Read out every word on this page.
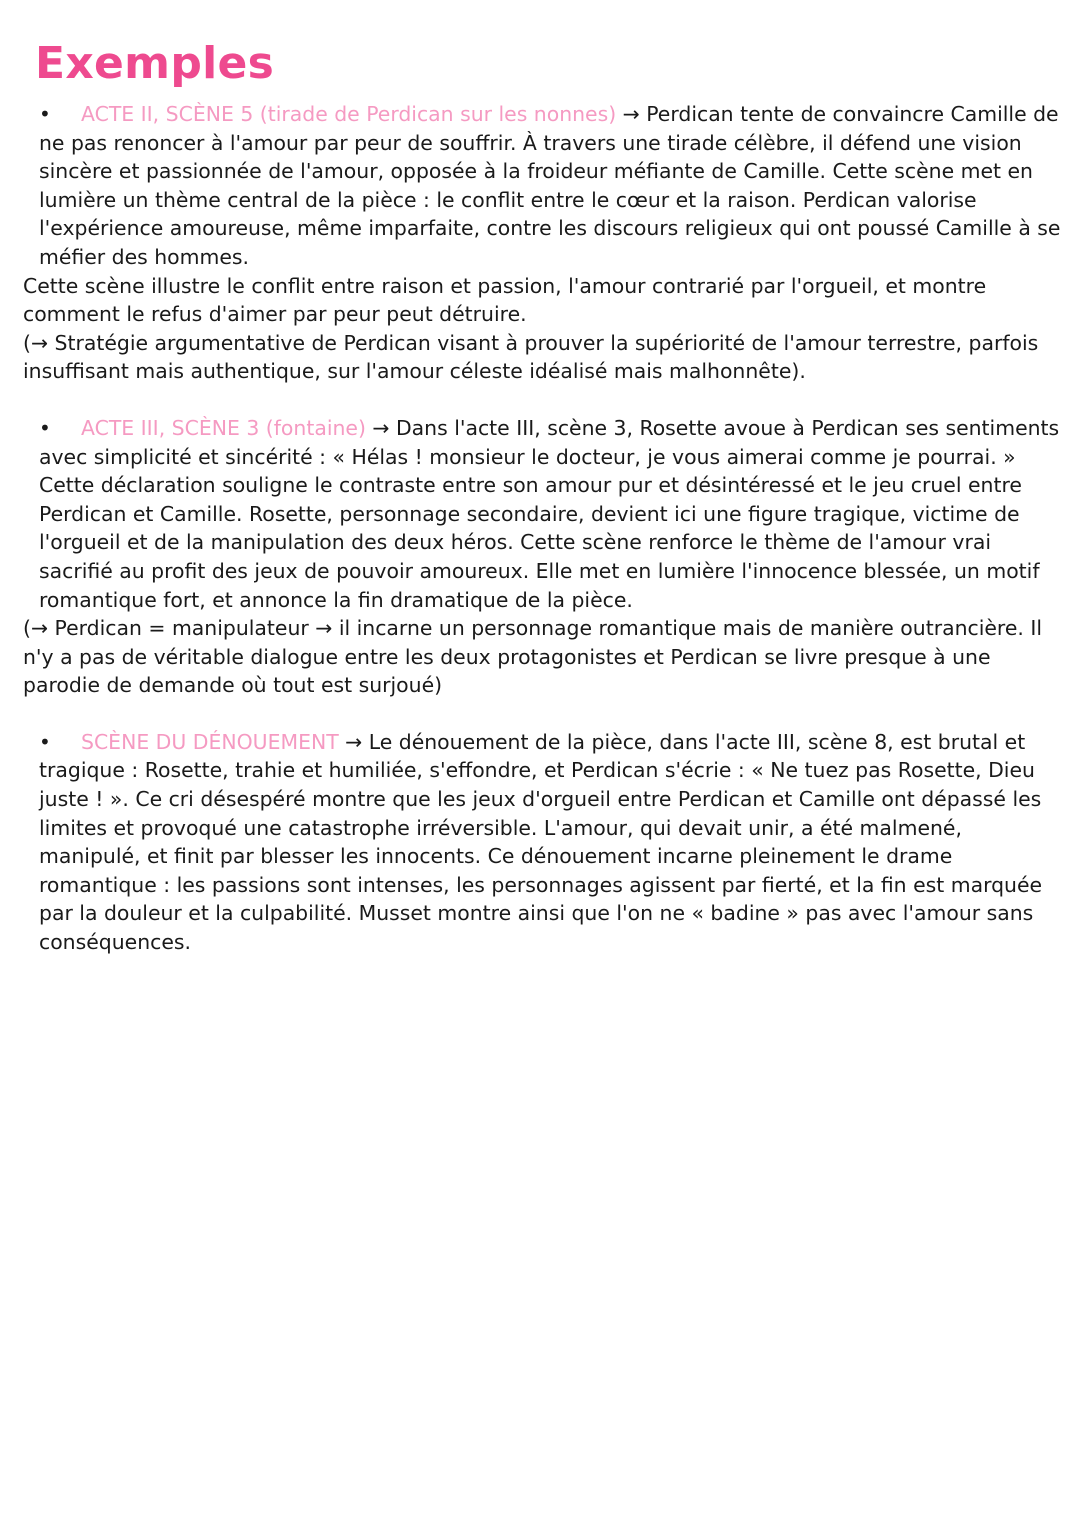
Exemples

• ACTE II, SCÈNE 5 (tirade de Perdican sur les nonnes) → Perdican tente de convaincre Camille de ne pas renoncer à l'amour par peur de souffrir. À travers une tirade célèbre, il défend une vision sincère et passionnée de l'amour, opposée à la froideur méfiante de Camille. Cette scène met en lumière un thème central de la pièce : le conflit entre le cœur et la raison. Perdican valorise l'expérience amoureuse, même imparfaite, contre les discours religieux qui ont poussé Camille à se méfier des hommes.

Cette scène illustre le conflit entre raison et passion, l'amour contrarié par l'orgueil, et montre comment le refus d'aimer par peur peut détruire.

(→ Stratégie argumentative de Perdican visant à prouver la supériorité de l'amour terrestre, parfois insuffisant mais authentique, sur l'amour céleste idéalisé mais malhonnête).

• ACTE III, SCÈNE 3 (fontaine) → Dans l'acte III, scène 3, Rosette avoue à Perdican ses sentiments avec simplicité et sincérité : « Hélas ! monsieur le docteur, je vous aimerai comme je pourrai. » Cette déclaration souligne le contraste entre son amour pur et désintéressé et le jeu cruel entre Perdican et Camille. Rosette, personnage secondaire, devient ici une figure tragique, victime de l'orgueil et de la manipulation des deux héros. Cette scène renforce le thème de l'amour vrai sacrifié au profit des jeux de pouvoir amoureux. Elle met en lumière l'innocence blessée, un motif romantique fort, et annonce la fin dramatique de la pièce.

(→ Perdican = manipulateur → il incarne un personnage romantique mais de manière outrancière. Il n'y a pas de véritable dialogue entre les deux protagonistes et Perdican se livre presque à une parodie de demande où tout est surjoué)

• SCÈNE DU DÉNOUEMENT → Le dénouement de la pièce, dans l'acte III, scène 8, est brutal et tragique : Rosette, trahie et humiliée, s'effondre, et Perdican s'écrie : « Ne tuez pas Rosette, Dieu juste ! ». Ce cri désespéré montre que les jeux d'orgueil entre Perdican et Camille ont dépassé les limites et provoqué une catastrophe irréversible. L'amour, qui devait unir, a été malmené, manipulé, et finit par blesser les innocents. Ce dénouement incarne pleinement le drame romantique : les passions sont intenses, les personnages agissent par fierté, et la fin est marquée par la douleur et la culpabilité. Musset montre ainsi que l'on ne « badine » pas avec l'amour sans conséquences.
